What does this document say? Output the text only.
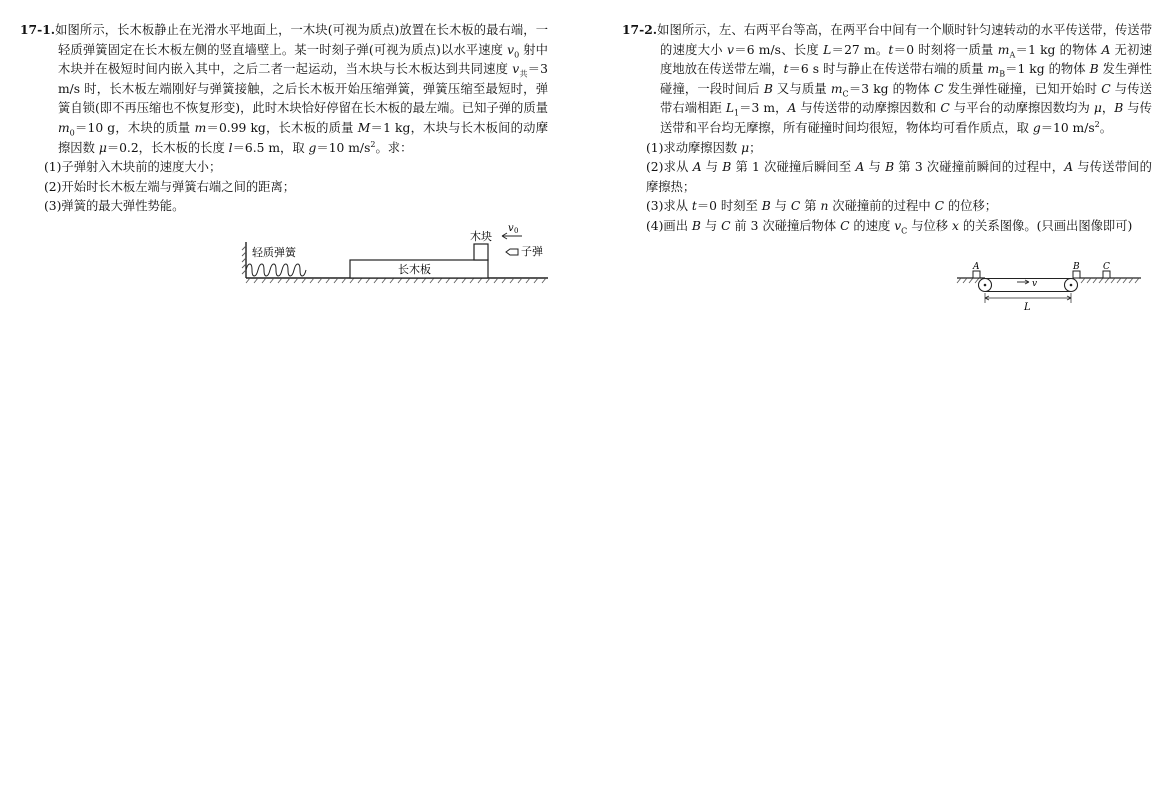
17-1.如图所示，长木板静止在光滑水平地面上，一木块(可视为质点)放置在长木板的最右端，一轻质弹簧固定在长木板左侧的竖直墙壁上。某一时刻子弹(可视为质点)以水平速度 $v_0$ 射中木块并在极短时间内嵌入其中，之后二者一起运动，当木块与长木板达到共同速度 $v_共=3$ m/s 时，长木板左端刚好与弹簧接触，之后长木板开始压缩弹簧，弹簧压缩至最短时，弹簧自锁(即不再压缩也不恢复形变)，此时木块恰好停留在长木板的最左端。已知子弹的质量 $m_0=10$ g，木块的质量 m＝0.99 kg，长木板的质量 M＝1 kg，木块与长木板间的动摩擦因数 μ＝0.2，长木板的长度 l＝6.5 m，取 g＝10 $m/s^2$。求：

(1)子弹射入木块前的速度大小；

(2)开始时长木板左端与弹簧右端之间的距离；

(3)弹簧的最大弹性势能。

轻质弹簧
长木板
木块
v 0
子弹

17-2.如图所示，左、右两平台等高，在两平台中间有一个顺时针匀速转动的水平传送带，传送带的速度大小 v＝6 m/s、长度 L＝27 m。t＝0 时刻将一质量 $m_A=1$ kg 的物体 A 无初速度地放在传送带左端，t＝6 s 时与静止在传送带右端的质量 $m_B=1$ kg 的物体 B 发生弹性碰撞，一段时间后 B 又与质量 $m_C=3$ kg 的物体 C 发生弹性碰撞，已知开始时 C 与传送带右端相距 $L_1=3$ m，A 与传送带的动摩擦因数和 C 与平台的动摩擦因数均为 μ，B 与传送带和平台均无摩擦，所有碰撞时间均很短，物体均可看作质点，取 g＝10 $m/s^2$。

(1)求动摩擦因数 μ；

(2)求从 A 与 B 第 1 次碰撞后瞬间至 A 与 B 第 3 次碰撞前瞬间的过程中，A 与传送带间的摩擦热；

(3)求从 t＝0 时刻至 B 与 C 第 n 次碰撞前的过程中 C 的位移；

(4)画出 B 与 C 前 3 次碰撞后物体 C 的速度 $v_C$ 与位移 x 的关系图像。(只画出图像即可)

v
L
A	B	C
